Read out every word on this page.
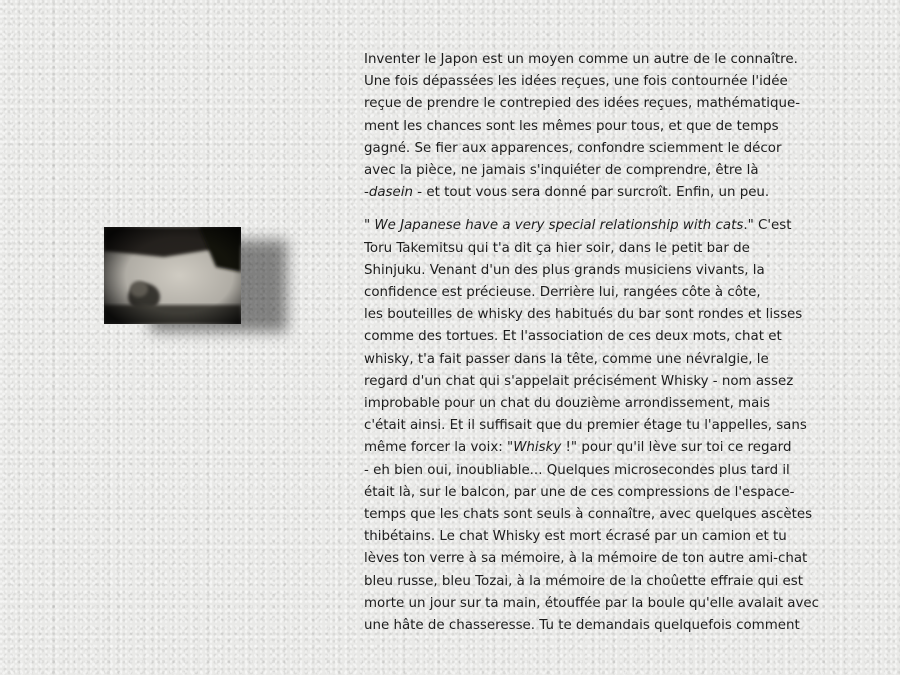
Inventer le Japon est un moyen comme un autre de le connaître.
Une fois dépassées les idées reçues, une fois contournée l'idée
reçue de prendre le contrepied des idées reçues, mathématique-
ment les chances sont les mêmes pour tous, et que de temps
gagné. Se fier aux apparences, confondre sciemment le décor
avec la pièce, ne jamais s'inquiéter de comprendre, être là
-dasein - et tout vous sera donné par surcroît. Enfin, un peu.

" We Japanese have a very special relationship with cats." C'est
Toru Takemitsu qui t'a dit ça hier soir, dans le petit bar de
Shinjuku. Venant d'un des plus grands musiciens vivants, la
confidence est précieuse. Derrière lui, rangées côte à côte,
les bouteilles de whisky des habitués du bar sont rondes et lisses
comme des tortues. Et l'association de ces deux mots, chat et
whisky, t'a fait passer dans la tête, comme une névralgie, le
regard d'un chat qui s'appelait précisément Whisky - nom assez
improbable pour un chat du douzième arrondissement, mais
c'était ainsi. Et il suffisait que du premier étage tu l'appelles, sans
même forcer la voix: "Whisky !" pour qu'il lève sur toi ce regard
- eh bien oui, inoubliable... Quelques microsecondes plus tard il
était là, sur le balcon, par une de ces compressions de l'espace-
temps que les chats sont seuls à connaître, avec quelques ascètes
thibétains. Le chat Whisky est mort écrasé par un camion et tu
lèves ton verre à sa mémoire, à la mémoire de ton autre ami-chat
bleu russe, bleu Tozai, à la mémoire de la choûette effraie qui est
morte un jour sur ta main, étouffée par la boule qu'elle avalait avec
une hâte de chasseresse. Tu te demandais quelquefois comment
